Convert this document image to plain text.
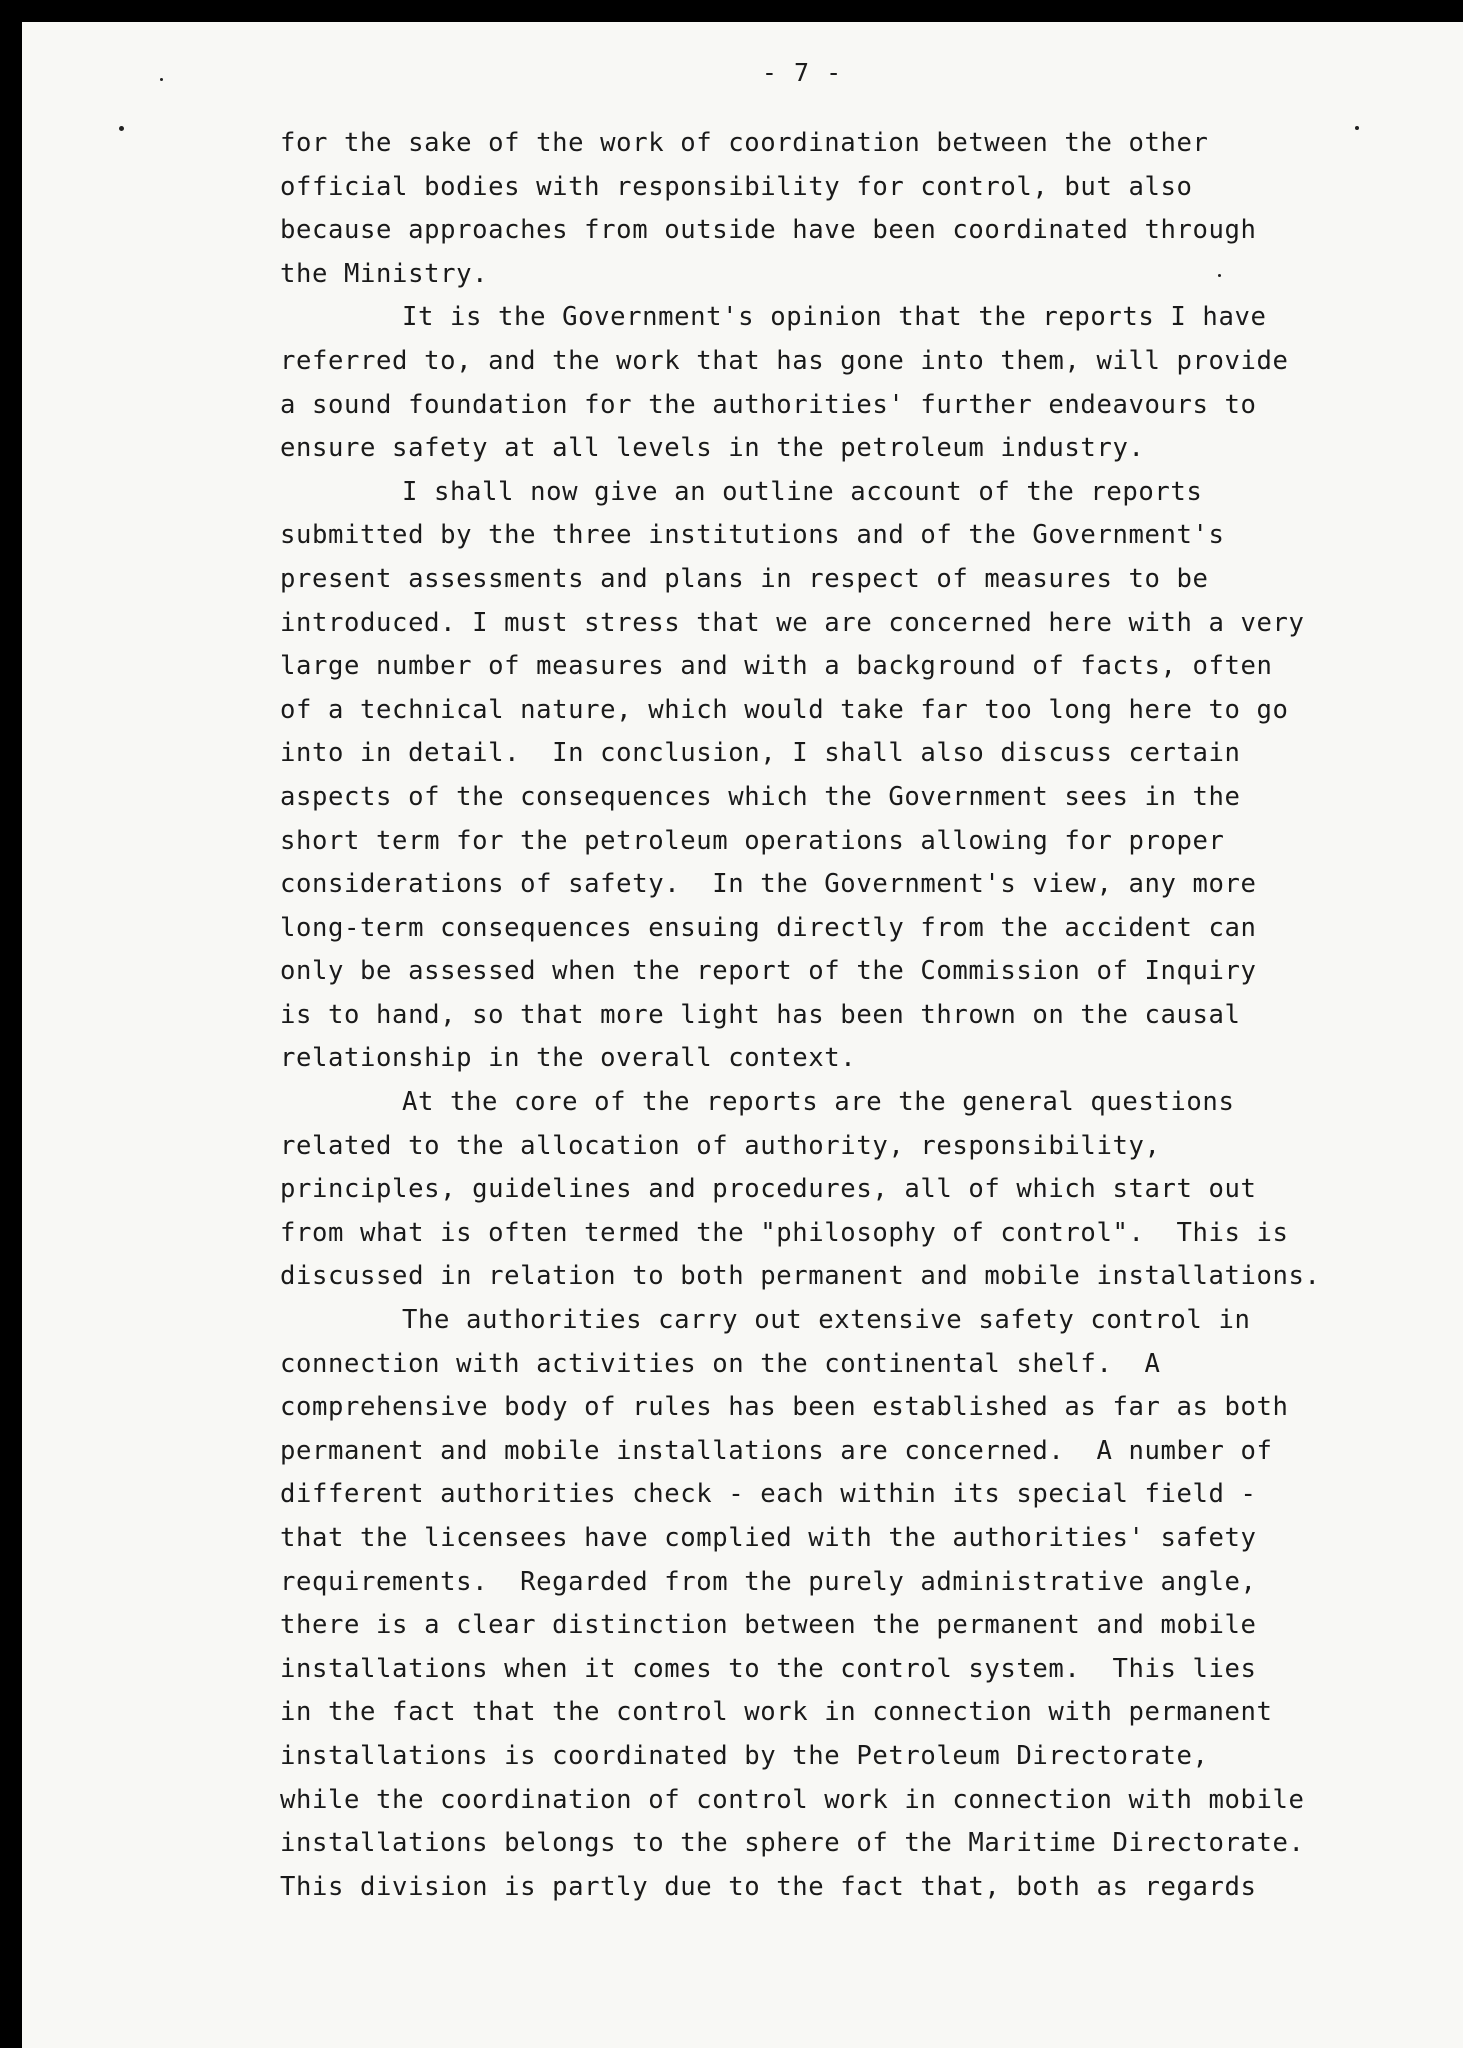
- 7 -
for the sake of the work of coordination between the other
official bodies with responsibility for control, but also
because approaches from outside have been coordinated through
the Ministry.
It is the Government's opinion that the reports I have
referred to, and the work that has gone into them, will provide
a sound foundation for the authorities' further endeavours to
ensure safety at all levels in the petroleum industry.
I shall now give an outline account of the reports
submitted by the three institutions and of the Government's
present assessments and plans in respect of measures to be
introduced. I must stress that we are concerned here with a very
large number of measures and with a background of facts, often
of a technical nature, which would take far too long here to go
into in detail.  In conclusion, I shall also discuss certain
aspects of the consequences which the Government sees in the
short term for the petroleum operations allowing for proper
considerations of safety.  In the Government's view, any more
long-term consequences ensuing directly from the accident can
only be assessed when the report of the Commission of Inquiry
is to hand, so that more light has been thrown on the causal
relationship in the overall context.
At the core of the reports are the general questions
related to the allocation of authority, responsibility,
principles, guidelines and procedures, all of which start out
from what is often termed the "philosophy of control".  This is
discussed in relation to both permanent and mobile installations.
The authorities carry out extensive safety control in
connection with activities on the continental shelf.  A
comprehensive body of rules has been established as far as both
permanent and mobile installations are concerned.  A number of
different authorities check - each within its special field -
that the licensees have complied with the authorities' safety
requirements.  Regarded from the purely administrative angle,
there is a clear distinction between the permanent and mobile
installations when it comes to the control system.  This lies
in the fact that the control work in connection with permanent
installations is coordinated by the Petroleum Directorate,
while the coordination of control work in connection with mobile
installations belongs to the sphere of the Maritime Directorate.
This division is partly due to the fact that, both as regards
